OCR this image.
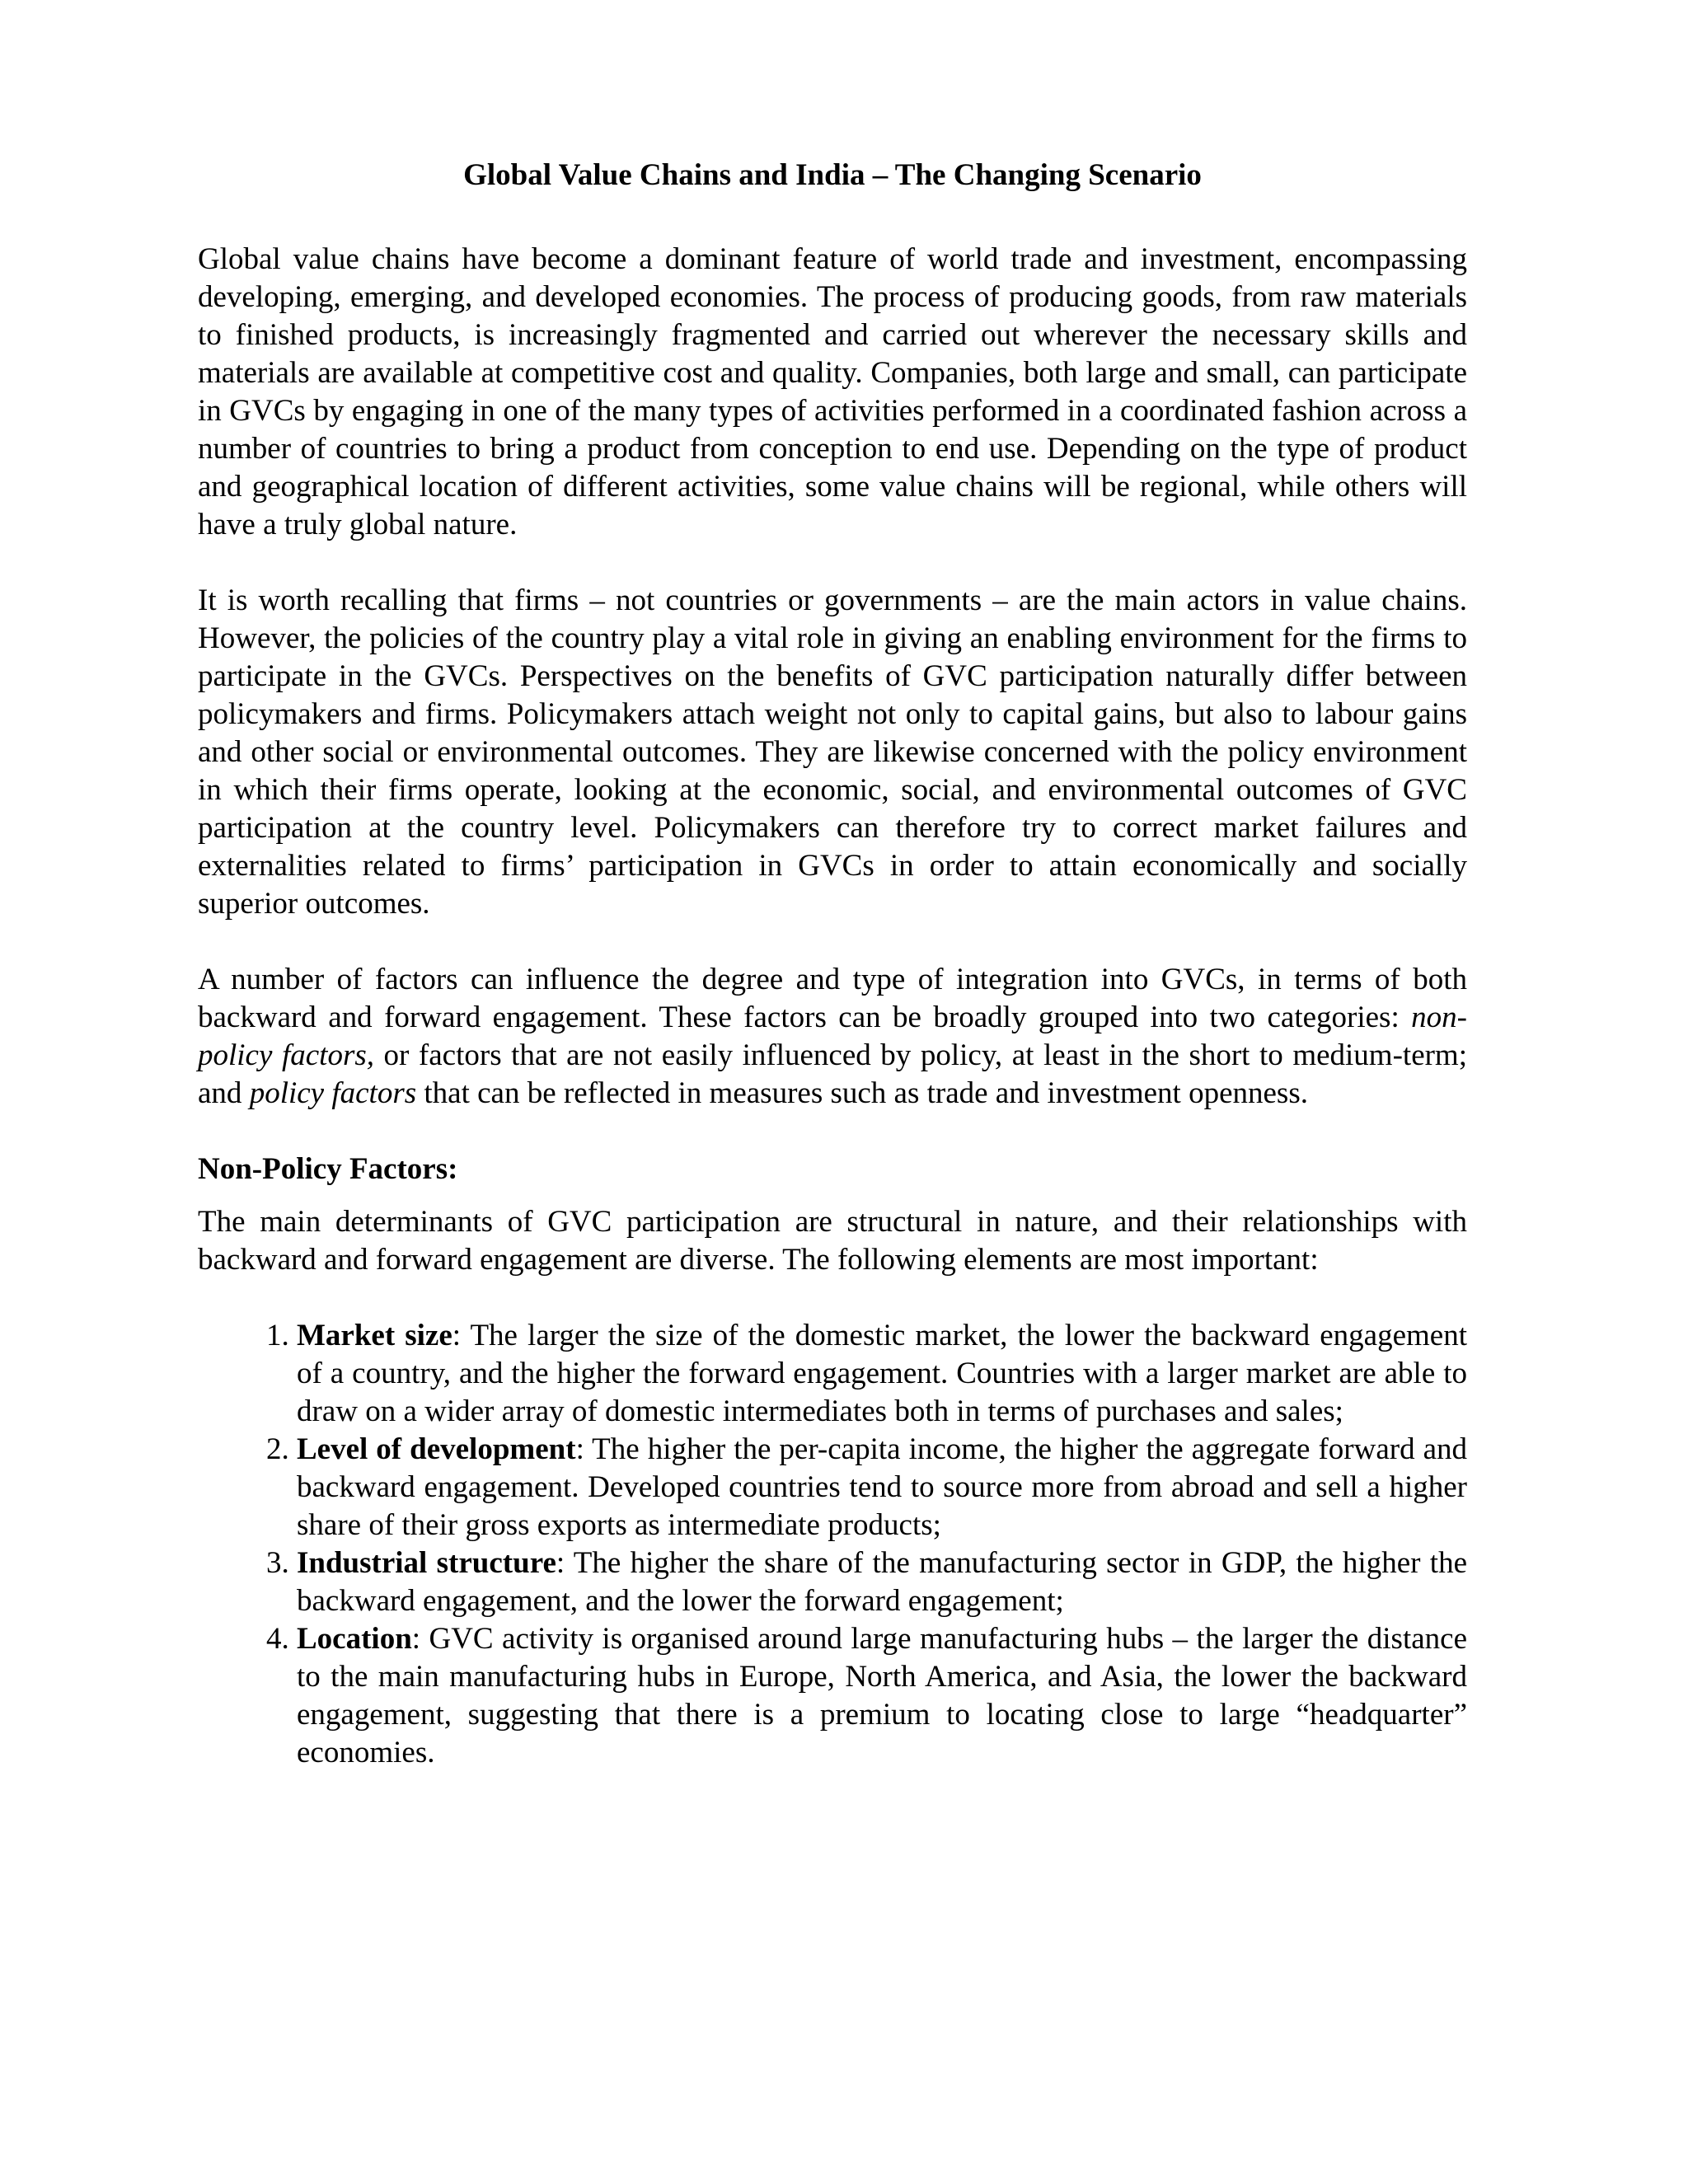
Global Value Chains and India – The Changing Scenario

Global value chains have become a dominant feature of world trade and investment, encompassing developing, emerging, and developed economies. The process of producing goods, from raw materials to finished products, is increasingly fragmented and carried out wherever the necessary skills and materials are available at competitive cost and quality. Companies, both large and small, can participate in GVCs by engaging in one of the many types of activities performed in a coordinated fashion across a number of countries to bring a product from conception to end use. Depending on the type of product and geographical location of different activities, some value chains will be regional, while others will have a truly global nature.

It is worth recalling that firms – not countries or governments – are the main actors in value chains. However, the policies of the country play a vital role in giving an enabling environment for the firms to participate in the GVCs. Perspectives on the benefits of GVC participation naturally differ between policymakers and firms. Policymakers attach weight not only to capital gains, but also to labour gains and other social or environmental outcomes. They are likewise concerned with the policy environment in which their firms operate, looking at the economic, social, and environmental outcomes of GVC participation at the country level. Policymakers can therefore try to correct market failures and externalities related to firms’ participation in GVCs in order to attain economically and socially superior outcomes.

A number of factors can influence the degree and type of integration into GVCs, in terms of both backward and forward engagement. These factors can be broadly grouped into two categories: non-policy factors, or factors that are not easily influenced by policy, at least in the short to medium-term; and policy factors that can be reflected in measures such as trade and investment openness.

Non-Policy Factors:

The main determinants of GVC participation are structural in nature, and their relationships with backward and forward engagement are diverse. The following elements are most important:

1. Market size: The larger the size of the domestic market, the lower the backward engagement of a country, and the higher the forward engagement. Countries with a larger market are able to draw on a wider array of domestic intermediates both in terms of purchases and sales;
2. Level of development: The higher the per-capita income, the higher the aggregate forward and backward engagement. Developed countries tend to source more from abroad and sell a higher share of their gross exports as intermediate products;
3. Industrial structure: The higher the share of the manufacturing sector in GDP, the higher the backward engagement, and the lower the forward engagement;
4. Location: GVC activity is organised around large manufacturing hubs – the larger the distance to the main manufacturing hubs in Europe, North America, and Asia, the lower the backward engagement, suggesting that there is a premium to locating close to large “headquarter” economies.
